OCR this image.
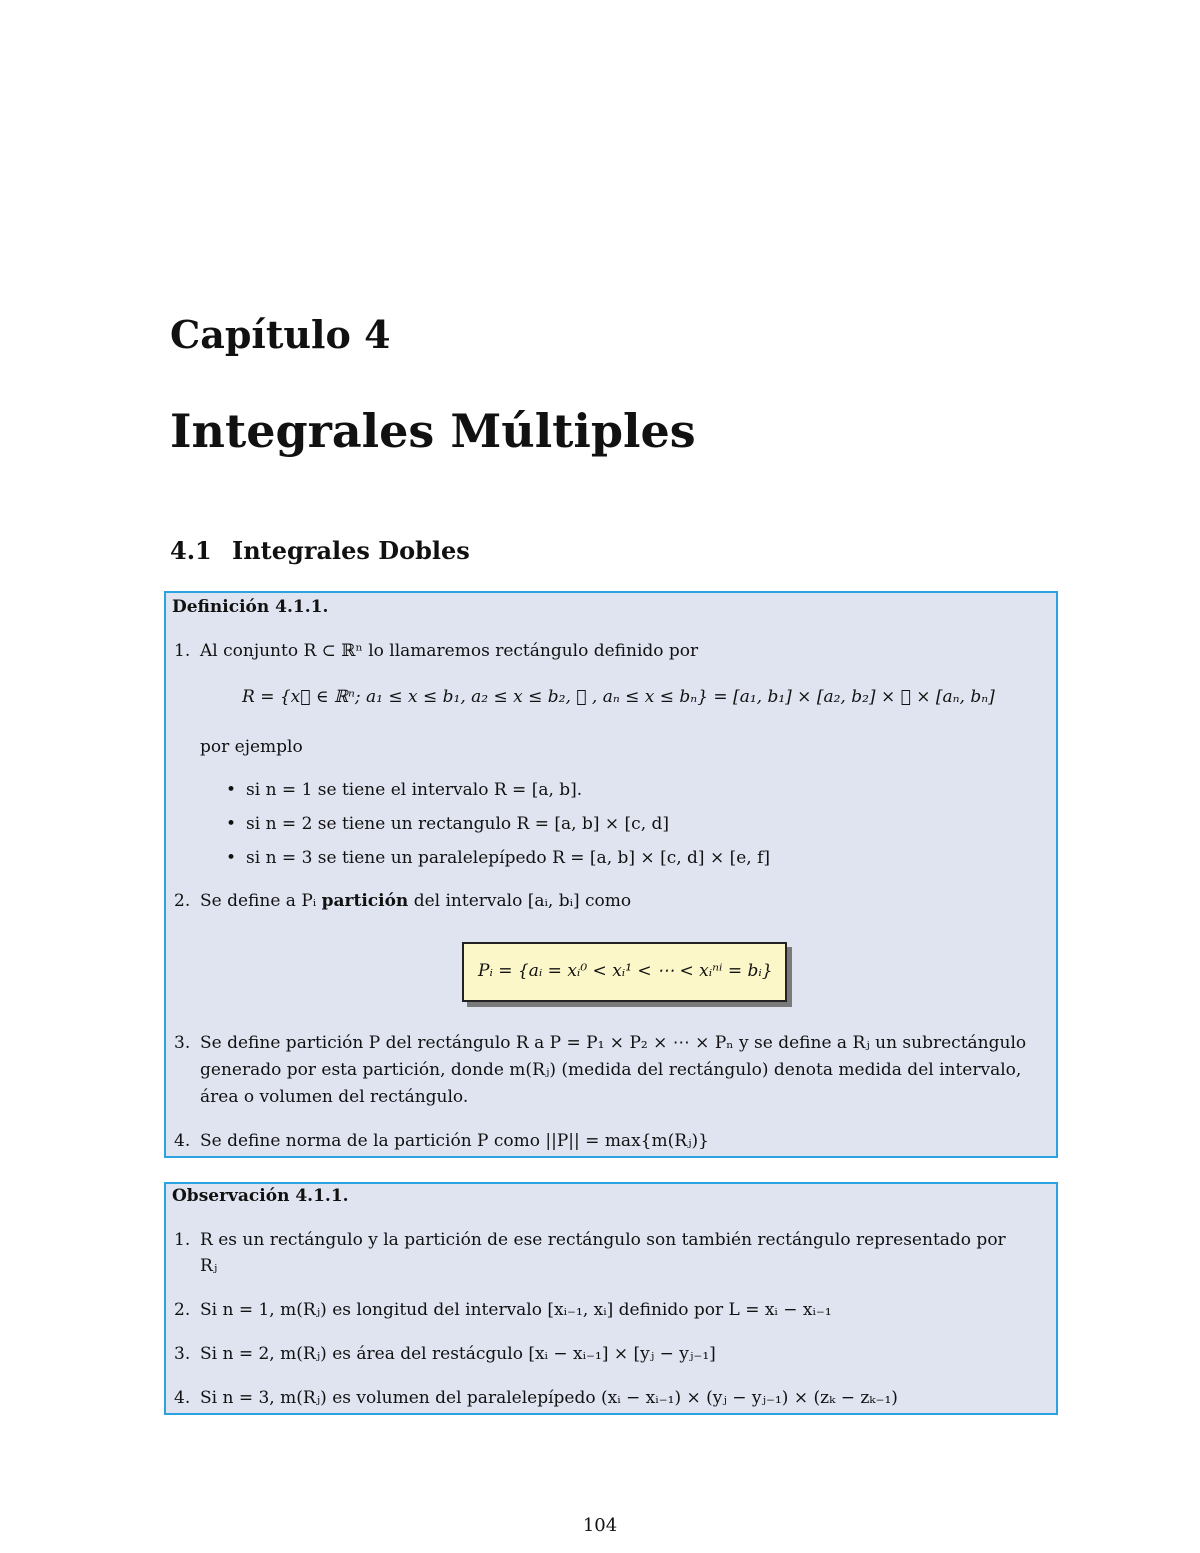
Capítulo 4
Integrales Múltiples
4.1 Integrales Dobles
Definición 4.1.1.
1. Al conjunto R ⊂ ℝⁿ lo llamaremos rectángulo definido por
R = {x⃗ ∈ ℝⁿ; a₁ ≤ x ≤ b₁, a₂ ≤ x ≤ b₂, ⋯ , aₙ ≤ x ≤ bₙ} = [a₁, b₁] × [a₂, b₂] × ⋯ × [aₙ, bₙ]
por ejemplo
• si n = 1 se tiene el intervalo R = [a, b].
• si n = 2 se tiene un rectangulo R = [a, b] × [c, d]
• si n = 3 se tiene un paralelepípedo R = [a, b] × [c, d] × [e, f]
2. Se define a Pᵢ partición del intervalo [aᵢ, bᵢ] como
Pᵢ = {aᵢ = xᵢ⁰ < xᵢ¹ < ⋯ < xᵢⁿⁱ = bᵢ}
3. Se define partición P del rectángulo R a P = P₁ × P₂ × ⋯ × Pₙ y se define a Rⱼ un subrectángulo
generado por esta partición, donde m(Rⱼ) (medida del rectángulo) denota medida del intervalo,
área o volumen del rectángulo.
4. Se define norma de la partición P como ||P|| = max{m(Rⱼ)}
Observación 4.1.1.
1. R es un rectángulo y la partición de ese rectángulo son también rectángulo representado por
Rⱼ
2. Si n = 1, m(Rⱼ) es longitud del intervalo [xᵢ₋₁, xᵢ] definido por L = xᵢ − xᵢ₋₁
3. Si n = 2, m(Rⱼ) es área del restácgulo [xᵢ − xᵢ₋₁] × [yⱼ − yⱼ₋₁]
4. Si n = 3, m(Rⱼ) es volumen del paralelepípedo (xᵢ − xᵢ₋₁) × (yⱼ − yⱼ₋₁) × (zₖ − zₖ₋₁)
104
